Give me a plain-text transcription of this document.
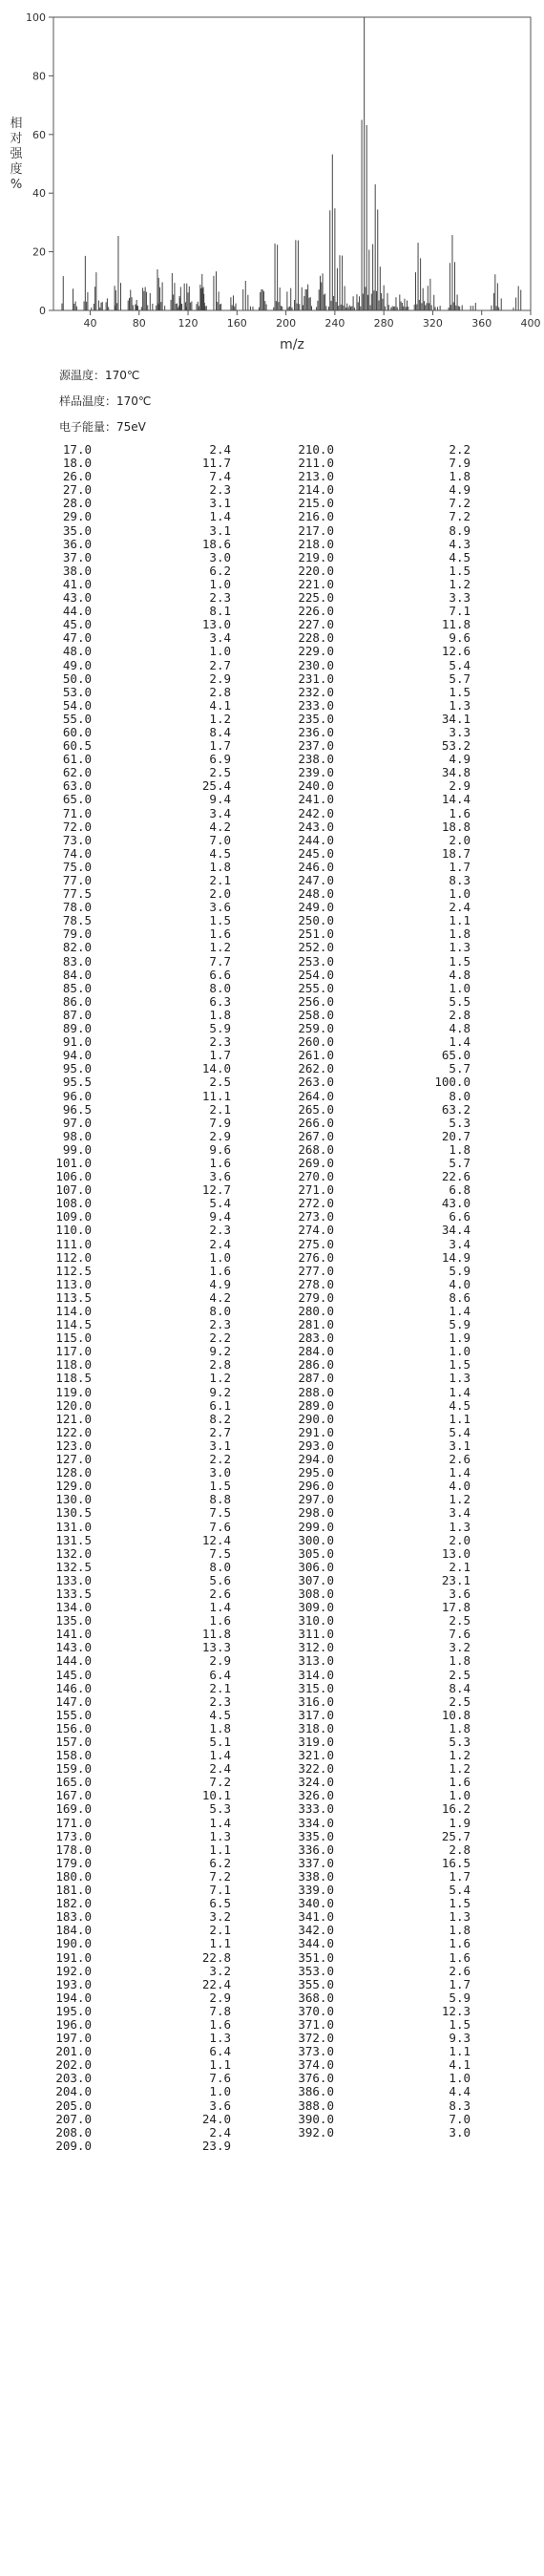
0
20
40
60
80
100
40	80	120	160	200	240	280	320	360	400
m/z
相对强度 %
源温度：170℃
样品温度：170℃
电子能量：75eV
17.0	2.4
18.0	11.7
26.0	7.4
27.0	2.3
28.0	3.1
29.0	1.4
35.0	3.1
36.0	18.6
37.0	3.0
38.0	6.2
41.0	1.0
43.0	2.3
44.0	8.1
45.0	13.0
47.0	3.4
48.0	1.0
49.0	2.7
50.0	2.9
53.0	2.8
54.0	4.1
55.0	1.2
60.0	8.4
60.5	1.7
61.0	6.9
62.0	2.5
63.0	25.4
65.0	9.4
71.0	3.4
72.0	4.2
73.0	7.0
74.0	4.5
75.0	1.8
77.0	2.1
77.5	2.0
78.0	3.6
78.5	1.5
79.0	1.6
82.0	1.2
83.0	7.7
84.0	6.6
85.0	8.0
86.0	6.3
87.0	1.8
89.0	5.9
91.0	2.3
94.0	1.7
95.0	14.0
95.5	2.5
96.0	11.1
96.5	2.1
97.0	7.9
98.0	2.9
99.0	9.6
101.0	1.6
106.0	3.6
107.0	12.7
108.0	5.4
109.0	9.4
110.0	2.3
111.0	2.4
112.0	1.0
112.5	1.6
113.0	4.9
113.5	4.2
114.0	8.0
114.5	2.3
115.0	2.2
117.0	9.2
118.0	2.8
118.5	1.2
119.0	9.2
120.0	6.1
121.0	8.2
122.0	2.7
123.0	3.1
127.0	2.2
128.0	3.0
129.0	1.5
130.0	8.8
130.5	7.5
131.0	7.6
131.5	12.4
132.0	7.5
132.5	8.0
133.0	5.6
133.5	2.6
134.0	1.4
135.0	1.6
141.0	11.8
143.0	13.3
144.0	2.9
145.0	6.4
146.0	2.1
147.0	2.3
155.0	4.5
156.0	1.8
157.0	5.1
158.0	1.4
159.0	2.4
165.0	7.2
167.0	10.1
169.0	5.3
171.0	1.4
173.0	1.3
178.0	1.1
179.0	6.2
180.0	7.2
181.0	7.1
182.0	6.5
183.0	3.2
184.0	2.1
190.0	1.1
191.0	22.8
192.0	3.2
193.0	22.4
194.0	2.9
195.0	7.8
196.0	1.6
197.0	1.3
201.0	6.4
202.0	1.1
203.0	7.6
204.0	1.0
205.0	3.6
207.0	24.0
208.0	2.4
209.0	23.9
210.0	2.2
211.0	7.9
213.0	1.8
214.0	4.9
215.0	7.2
216.0	7.2
217.0	8.9
218.0	4.3
219.0	4.5
220.0	1.5
221.0	1.2
225.0	3.3
226.0	7.1
227.0	11.8
228.0	9.6
229.0	12.6
230.0	5.4
231.0	5.7
232.0	1.5
233.0	1.3
235.0	34.1
236.0	3.3
237.0	53.2
238.0	4.9
239.0	34.8
240.0	2.9
241.0	14.4
242.0	1.6
243.0	18.8
244.0	2.0
245.0	18.7
246.0	1.7
247.0	8.3
248.0	1.0
249.0	2.4
250.0	1.1
251.0	1.8
252.0	1.3
253.0	1.5
254.0	4.8
255.0	1.0
256.0	5.5
258.0	2.8
259.0	4.8
260.0	1.4
261.0	65.0
262.0	5.7
263.0	100.0
264.0	8.0
265.0	63.2
266.0	5.3
267.0	20.7
268.0	1.8
269.0	5.7
270.0	22.6
271.0	6.8
272.0	43.0
273.0	6.6
274.0	34.4
275.0	3.4
276.0	14.9
277.0	5.9
278.0	4.0
279.0	8.6
280.0	1.4
281.0	5.9
283.0	1.9
284.0	1.0
286.0	1.5
287.0	1.3
288.0	1.4
289.0	4.5
290.0	1.1
291.0	5.4
293.0	3.1
294.0	2.6
295.0	1.4
296.0	4.0
297.0	1.2
298.0	3.4
299.0	1.3
300.0	2.0
305.0	13.0
306.0	2.1
307.0	23.1
308.0	3.6
309.0	17.8
310.0	2.5
311.0	7.6
312.0	3.2
313.0	1.8
314.0	2.5
315.0	8.4
316.0	2.5
317.0	10.8
318.0	1.8
319.0	5.3
321.0	1.2
322.0	1.2
324.0	1.6
326.0	1.0
333.0	16.2
334.0	1.9
335.0	25.7
336.0	2.8
337.0	16.5
338.0	1.7
339.0	5.4
340.0	1.5
341.0	1.3
342.0	1.8
344.0	1.6
351.0	1.6
353.0	2.6
355.0	1.7
368.0	5.9
370.0	12.3
371.0	1.5
372.0	9.3
373.0	1.1
374.0	4.1
376.0	1.0
386.0	4.4
388.0	8.3
390.0	7.0
392.0	3.0
